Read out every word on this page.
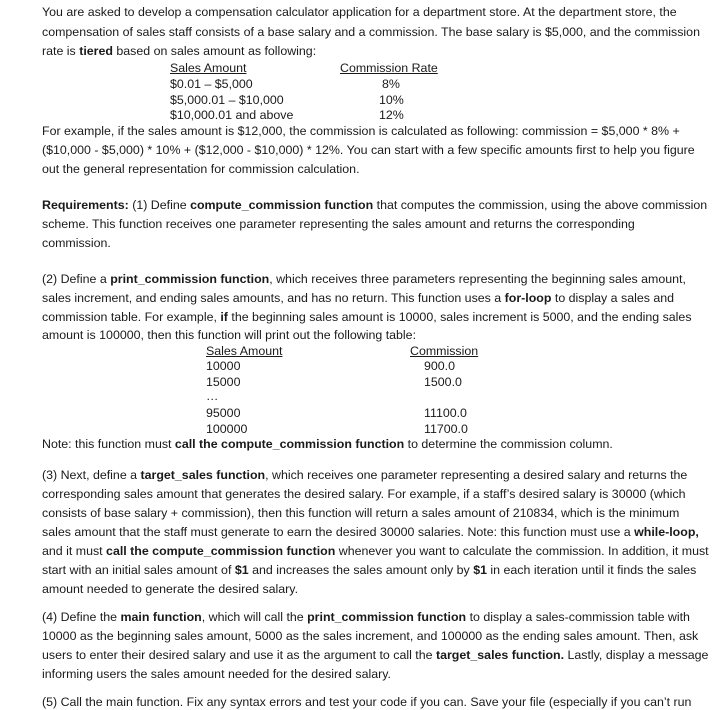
You are asked to develop a compensation calculator application for a department store. At the department store, the
compensation of sales staff consists of a base salary and a commission. The base salary is $5,000, and the commission
rate is tiered based on sales amount as following:
Sales Amount	Commission Rate
$0.01 – $5,000	8%
$5,000.01 – $10,000	10%
$10,000.01 and above	12%
For example, if the sales amount is $12,000, the commission is calculated as following: commission = $5,000 * 8% +
($10,000 - $5,000) * 10% + ($12,000 - $10,000) * 12%. You can start with a few specific amounts first to help you figure
out the general representation for commission calculation.
Requirements: (1) Define compute_commission function that computes the commission, using the above commission
scheme. This function receives one parameter representing the sales amount and returns the corresponding
commission.
(2) Define a print_commission function, which receives three parameters representing the beginning sales amount,
sales increment, and ending sales amounts, and has no return. This function uses a for-loop to display a sales and
commission table. For example, if the beginning sales amount is 10000, sales increment is 5000, and the ending sales
amount is 100000, then this function will print out the following table:
Sales Amount	Commission
10000	900.0
15000	1500.0
…
95000	11100.0
100000	11700.0
Note: this function must call the compute_commission function to determine the commission column.
(3) Next, define a target_sales function, which receives one parameter representing a desired salary and returns the
corresponding sales amount that generates the desired salary. For example, if a staff’s desired salary is 30000 (which
consists of base salary + commission), then this function will return a sales amount of 210834, which is the minimum
sales amount that the staff must generate to earn the desired 30000 salaries. Note: this function must use a while-loop,
and it must call the compute_commission function whenever you want to calculate the commission. In addition, it must
start with an initial sales amount of $1 and increases the sales amount only by $1 in each iteration until it finds the sales
amount needed to generate the desired salary.
(4) Define the main function, which will call the print_commission function to display a sales-commission table with
10000 as the beginning sales amount, 5000 as the sales increment, and 100000 as the ending sales amount. Then, ask
users to enter their desired salary and use it as the argument to call the target_sales function. Lastly, display a message
informing users the sales amount needed for the desired salary.
(5) Call the main function. Fix any syntax errors and test your code if you can. Save your file (especially if you can’t run
